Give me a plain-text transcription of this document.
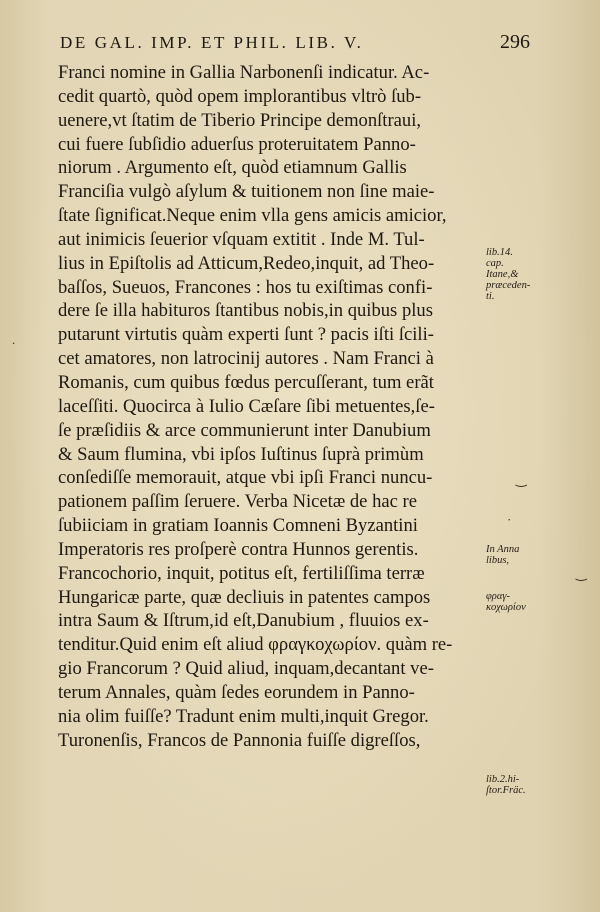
DE GAL. IMP. ET PHIL. LIB. V.	296
Franci nomine in Gallia Narbonenſi indicatur. Ac-
cedit quartò, quòd opem implorantibus vltrò ſub-
uenere,vt ſtatim de Tiberio Principe demonſtraui,
cui fuere ſubſidio aduerſus proteruitatem Panno-
niorum . Argumento eſt, quòd etiamnum Gallis
Franciſia vulgò aſylum & tuitionem non ſine maie-
ſtate ſignificat.Neque enim vlla gens amicis amicior,
aut inimicis ſeuerior vſquam extitit . Inde M. Tul-
lius in Epiſtolis ad Atticum,Redeo,inquit, ad Theo-
baſſos, Sueuos, Francones : hos tu exiſtimas confi-
dere ſe illa habituros ſtantibus nobis,in quibus plus
putarunt virtutis quàm experti ſunt ? pacis iſti ſcili-
cet amatores, non latrocinij autores . Nam Franci à
Romanis, cum quibus fœdus percuſſerant, tum erãt
laceſſiti. Quocirca à Iulio Cæſare ſibi metuentes,ſe-
ſe præſidiis & arce communierunt inter Danubium
& Saum flumina, vbi ipſos Iuſtinus ſuprà primùm
conſediſſe memorauit, atque vbi ipſi Franci nuncu-
pationem paſſim ſeruere. Verba Nicetæ de hac re
ſubiiciam in gratiam Ioannis Comneni Byzantini
Imperatoris res proſperè contra Hunnos gerentis.
Francochorio, inquit, potitus eſt, fertiliſſima terræ
Hungaricæ parte, quæ decliuis in patentes campos
intra Saum & Iſtrum,id eſt,Danubium , fluuios ex-
tenditur.Quid enim eſt aliud φραγκοχωρίον. quàm re-
gio Francorum ? Quid aliud, inquam,decantant ve-
terum Annales, quàm ſedes eorundem in Panno-
nia olim fuiſſe? Tradunt enim multi,inquit Gregor.
Turonenſis, Francos de Pannonia fuiſſe digreſſos,
lib.14.
cap.
Itane,&
præceden-
ti.
In Anna
libus,
φραγ-
κοχωρίον
lib.2.hi-
ſtor.Fräc.
.
‿
·
‿
